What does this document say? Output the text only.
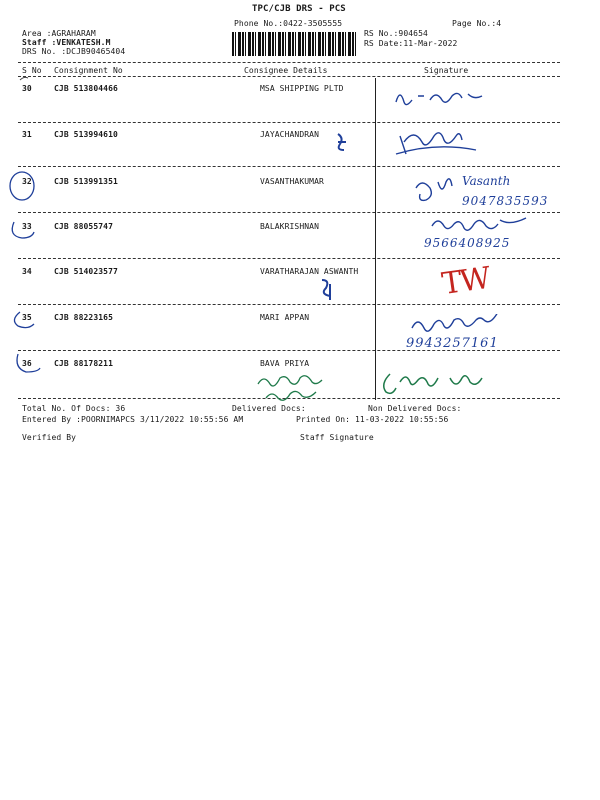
TPC/CJB DRS - PCS
Phone No.:0422-3505555	Page No.:4
Area :AGRAHARAM
Staff :VENKATESH.M
DRS No. :DCJB90465404
RS No.:904654
RS Date:11-Mar-2022
S No Consignment No	Consignee Details	Signature
30	CJB 513804466	MSA SHIPPING PLTD
31	CJB 513994610	JAYACHANDRAN
32	CJB 513991351	VASANTHAKUMAR
33	CJB 88055747	BALAKRISHNAN
34	CJB 514023577	VARATHARAJAN ASWANTH
35	CJB 88223165	MARI APPAN
36	CJB 88178211	BAVA PRIYA
Vasanth
9047835593
9566408925
TW
9943257161
Total No. Of Docs: 36	Delivered Docs:	Non Delivered Docs:
Entered By :POORNIMAPCS 3/11/2022 10:55:56 AM	Printed On: 11-03-2022 10:55:56
Verified By	Staff Signature
